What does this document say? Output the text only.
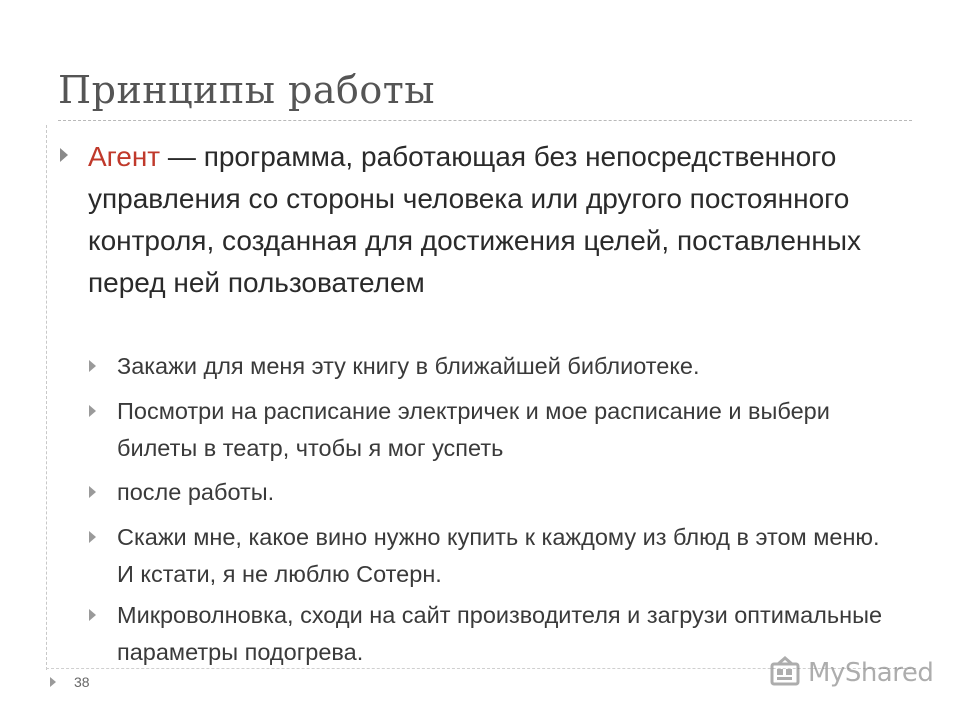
Принципы работы
Агент — программа, работающая без непосредственного управления со стороны человека или другого постоянного контроля, созданная для достижения целей, поставленных перед ней пользователем
Закажи для меня эту книгу в ближайшей библиотеке.
Посмотри на расписание электричек и мое расписание и выбери билеты в театр, чтобы я мог успеть
после работы.
Скажи мне, какое вино нужно купить к каждому из блюд в этом меню. И кстати, я не люблю Сотерн.
Микроволновка, сходи на сайт производителя и загрузи оптимальные параметры подогрева.
38	MyShared
